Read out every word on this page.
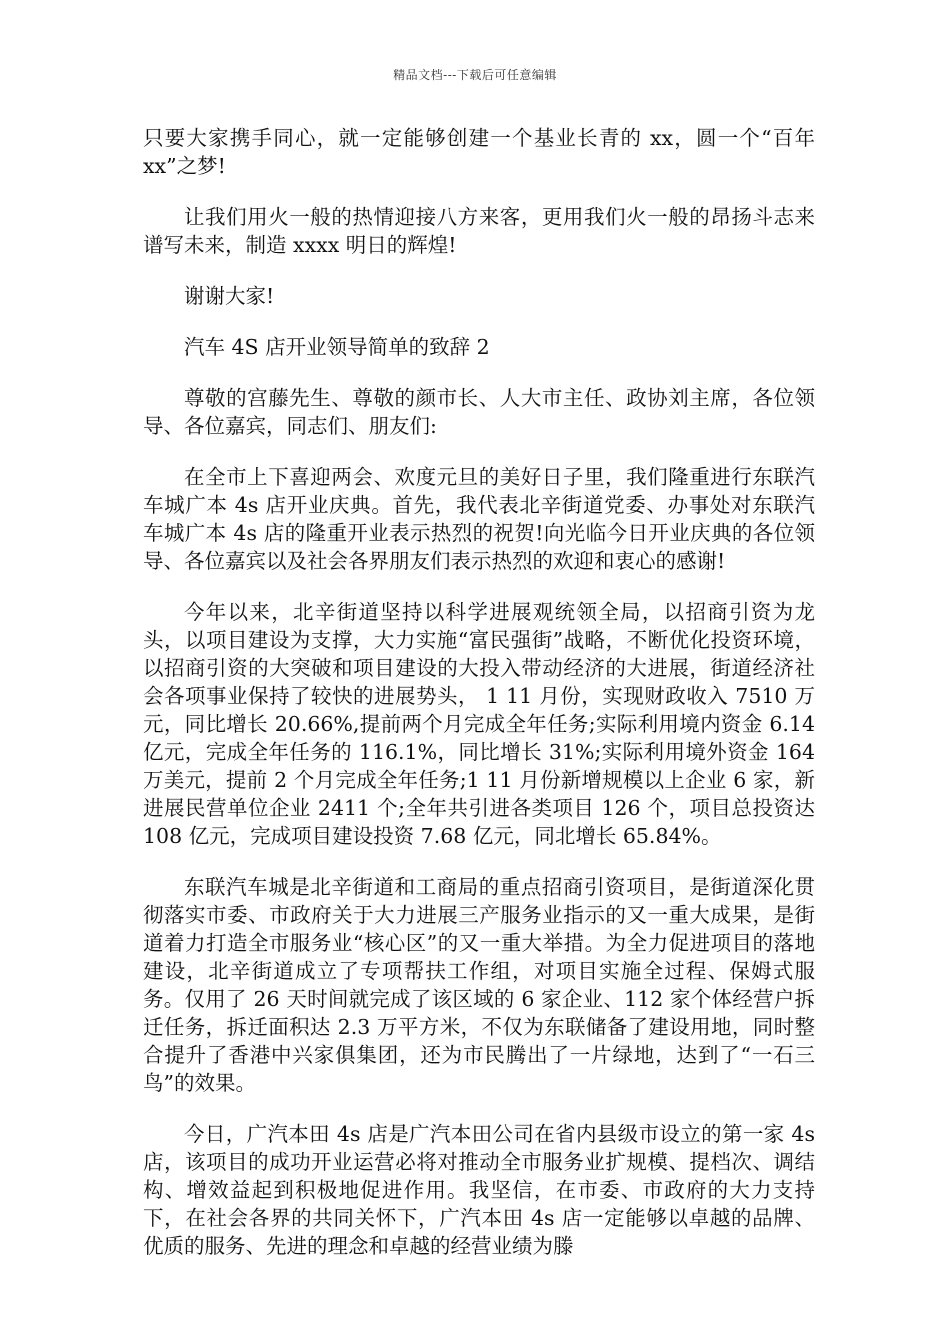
精品文档---下载后可任意编辑

只要大家携手同心，就一定能够创建一个基业长青的 xx，圆一个“百年 xx”之梦!

让我们用火一般的热情迎接八方来客，更用我们火一般的昂扬斗志来谱写未来，制造 xxxx 明日的辉煌!

谢谢大家!

汽车 4S 店开业领导简单的致辞 2

尊敬的宫藤先生、尊敬的颜市长、人大市主任、政协刘主席，各位领导、各位嘉宾，同志们、朋友们:

在全市上下喜迎两会、欢度元旦的美好日子里，我们隆重进行东联汽车城广本 4s 店开业庆典。首先，我代表北辛街道党委、办事处对东联汽车城广本 4s 店的隆重开业表示热烈的祝贺!向光临今日开业庆典的各位领导、各位嘉宾以及社会各界朋友们表示热烈的欢迎和衷心的感谢!

今年以来，北辛街道坚持以科学进展观统领全局，以招商引资为龙头，以项目建设为支撑，大力实施“富民强街”战略，不断优化投资环境，以招商引资的大突破和项目建设的大投入带动经济的大进展，街道经济社会各项事业保持了较快的进展势头， 1 11 月份，实现财政收入 7510 万元，同比增长 20.66%,提前两个月完成全年任务;实际利用境内资金 6.14 亿元，完成全年任务的 116.1%，同比增长 31%;实际利用境外资金 164 万美元，提前 2 个月完成全年任务;1 11 月份新增规模以上企业 6 家，新进展民营单位企业 2411 个;全年共引进各类项目 126 个，项目总投资达 108 亿元，完成项目建设投资 7.68 亿元，同北增长 65.84%。

东联汽车城是北辛街道和工商局的重点招商引资项目，是街道深化贯彻落实市委、市政府关于大力进展三产服务业指示的又一重大成果，是街道着力打造全市服务业“核心区”的又一重大举措。为全力促进项目的落地建设，北辛街道成立了专项帮扶工作组，对项目实施全过程、保姆式服务。仅用了 26 天时间就完成了该区域的 6 家企业、112 家个体经营户拆迁任务，拆迁面积达 2.3 万平方米，不仅为东联储备了建设用地，同时整合提升了香港中兴家俱集团，还为市民腾出了一片绿地，达到了“一石三鸟”的效果。

今日，广汽本田 4s 店是广汽本田公司在省内县级市设立的第一家 4s 店，该项目的成功开业运营必将对推动全市服务业扩规模、提档次、调结构、增效益起到积极地促进作用。我坚信，在市委、市政府的大力支持下，在社会各界的共同关怀下，广汽本田 4s 店一定能够以卓越的品牌、优质的服务、先进的理念和卓越的经营业绩为滕
